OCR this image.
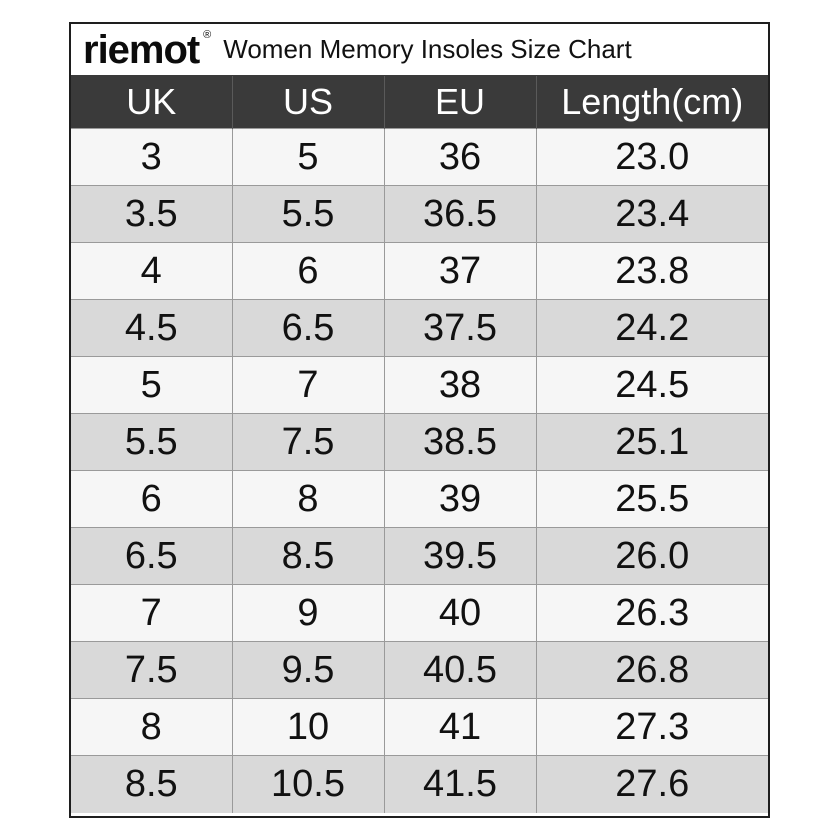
riemot ® Women Memory Insoles Size Chart
UK	US	EU	Length(cm)
3	5	36	23.0
3.5	5.5	36.5	23.4
4	6	37	23.8
4.5	6.5	37.5	24.2
5	7	38	24.5
5.5	7.5	38.5	25.1
6	8	39	25.5
6.5	8.5	39.5	26.0
7	9	40	26.3
7.5	9.5	40.5	26.8
8	10	41	27.3
8.5	10.5	41.5	27.6
